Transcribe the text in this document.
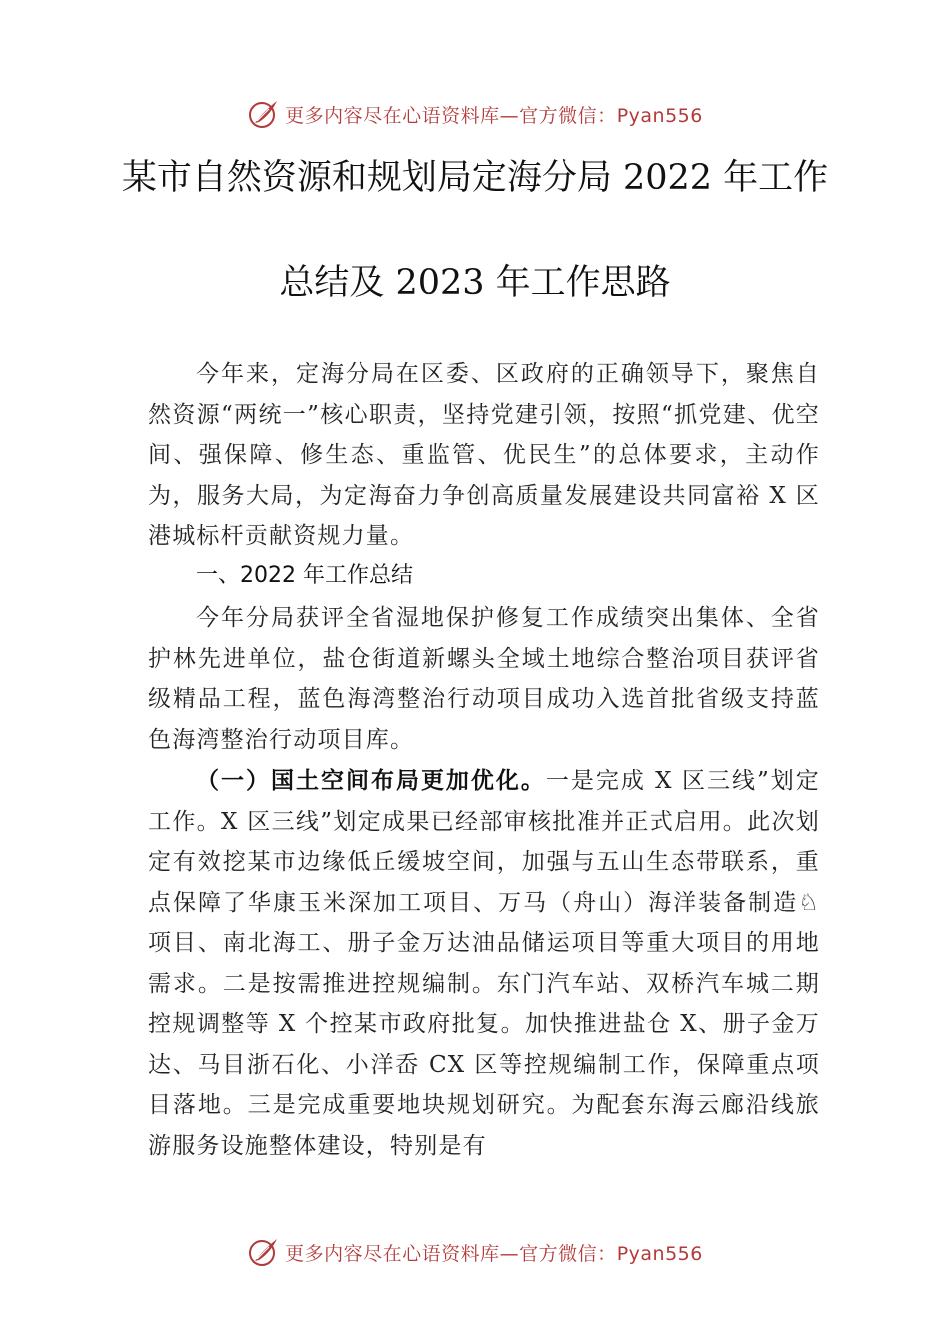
更多内容尽在心语资料库—官方微信：Pyan556
某市自然资源和规划局定海分局 2022 年工作
总结及 2023 年工作思路
今年来，定海分局在区委、区政府的正确领导下，聚焦自然资源“两统一”核心职责，坚持党建引领，按照“抓党建、优空间、强保障、修生态、重监管、优民生”的总体要求，主动作为，服务大局，为定海奋力争创高质量发展建设共同富裕 X 区港城标杆贡献资规力量。
一、2022 年工作总结
今年分局获评全省湿地保护修复工作成绩突出集体、全省护林先进单位，盐仓街道新螺头全域土地综合整治项目获评省级精品工程，蓝色海湾整治行动项目成功入选首批省级支持蓝色海湾整治行动项目库。
（一）国土空间布局更加优化。一是完成 X 区三线”划定工作。X 区三线”划定成果已经部审核批准并正式启用。此次划定有效挖某市边缘低丘缓坡空间，加强与五山生态带联系，重点保障了华康玉米深加工项目、万马（舟山）海洋装备制造♘项目、南北海工、册子金万达油品储运项目等重大项目的用地需求。二是按需推进控规编制。东门汽车站、双桥汽车城二期控规调整等 X 个控某市政府批复。加快推进盐仓 X、册子金万达、马目浙石化、小洋岙 CX 区等控规编制工作，保障重点项目落地。三是完成重要地块规划研究。为配套东海云廊沿线旅游服务设施整体建设，特别是有
更多内容尽在心语资料库—官方微信：Pyan556
